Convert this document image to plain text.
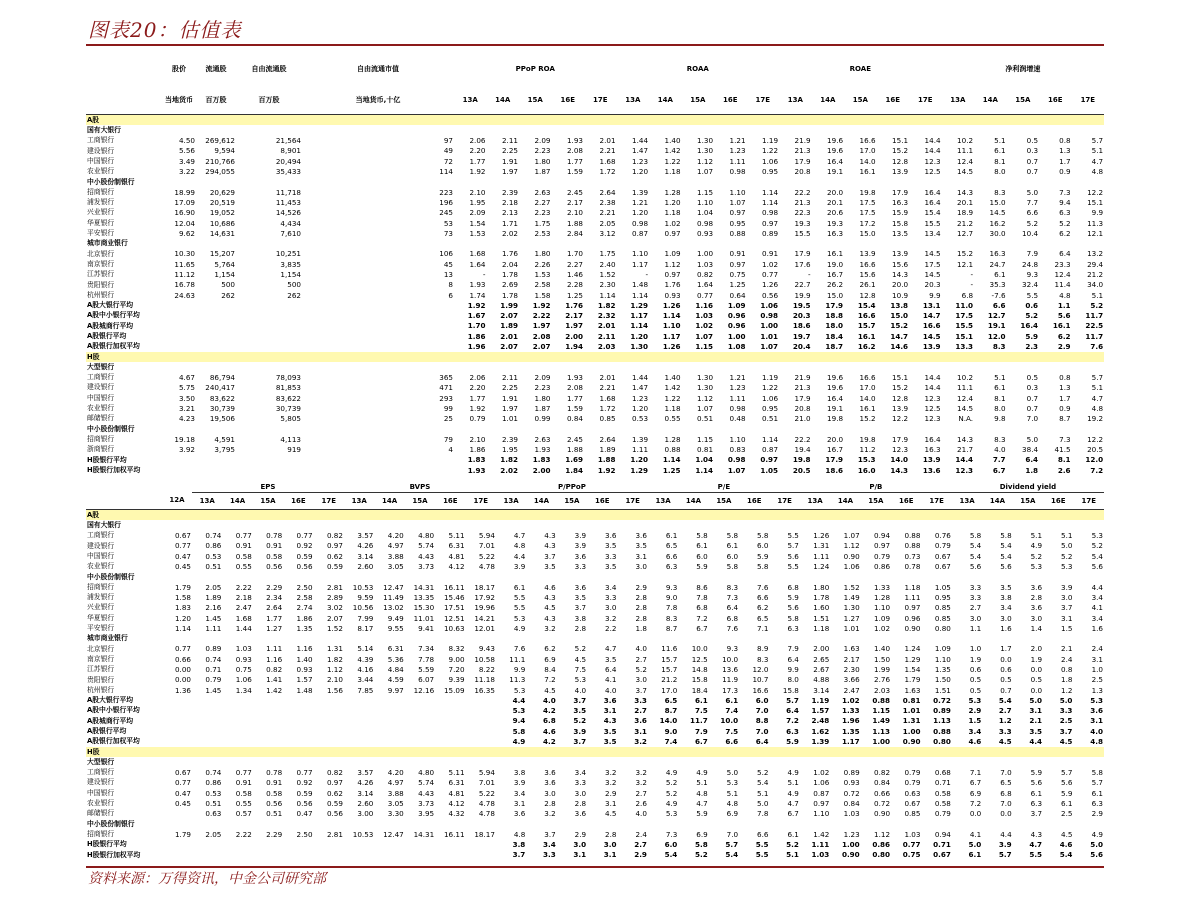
图表20：估值表
	股价	流通股	自由流通股	自由流通市值	PPoP ROA					ROAA					ROAE					净利润增速				
	当地货币	百万股	百万股	当地货币,十亿	13A	14A	15A	16E	17E	13A	14A	15A	16E	17E	13A	14A	15A	16E	17E	13A	14A	15A	16E	17E
A股																								
国有大银行																								
工商银行	4.50	269,612	21,564	97	2.06	2.11	2.09	1.93	2.01	1.44	1.40	1.30	1.21	1.19	21.9	19.6	16.6	15.1	14.4	10.2	5.1	0.5	0.8	5.7
建设银行	5.56	9,594	8,901	49	2.20	2.25	2.23	2.08	2.21	1.47	1.42	1.30	1.23	1.22	21.3	19.6	17.0	15.2	14.4	11.1	6.1	0.3	1.3	5.1
中国银行	3.49	210,766	20,494	72	1.77	1.91	1.80	1.77	1.68	1.23	1.22	1.12	1.11	1.06	17.9	16.4	14.0	12.8	12.3	12.4	8.1	0.7	1.7	4.7
农业银行	3.22	294,055	35,433	114	1.92	1.97	1.87	1.59	1.72	1.20	1.18	1.07	0.98	0.95	20.8	19.1	16.1	13.9	12.5	14.5	8.0	0.7	0.9	4.8
中小股份制银行																								
招商银行	18.99	20,629	11,718	223	2.10	2.39	2.63	2.45	2.64	1.39	1.28	1.15	1.10	1.14	22.2	20.0	19.8	17.9	16.4	14.3	8.3	5.0	7.3	12.2
浦发银行	17.09	20,519	11,453	196	1.95	2.18	2.27	2.17	2.38	1.21	1.20	1.10	1.07	1.14	21.3	20.1	17.5	16.3	16.4	20.1	15.0	7.7	9.4	15.1
兴业银行	16.90	19,052	14,526	245	2.09	2.13	2.23	2.10	2.21	1.20	1.18	1.04	0.97	0.98	22.3	20.6	17.5	15.9	15.4	18.9	14.5	6.6	6.3	9.9
华夏银行	12.04	10,686	4,434	53	1.54	1.71	1.75	1.88	2.05	0.98	1.02	0.98	0.95	0.97	19.3	19.3	17.2	15.8	15.5	21.2	16.2	5.2	5.2	11.3
平安银行	9.62	14,631	7,610	73	1.53	2.02	2.53	2.84	3.12	0.87	0.97	0.93	0.88	0.89	15.5	16.3	15.0	13.5	13.4	12.7	30.0	10.4	6.2	12.1
城市商业银行																								
北京银行	10.30	15,207	10,251	106	1.68	1.76	1.80	1.70	1.75	1.10	1.09	1.00	0.91	0.91	17.9	16.1	13.9	13.9	14.5	15.2	16.3	7.9	6.4	13.2
南京银行	11.65	5,764	3,835	45	1.64	2.04	2.26	2.27	2.40	1.17	1.12	1.03	0.97	1.02	17.6	19.0	16.6	15.6	17.5	12.1	24.7	24.8	23.3	29.4
江苏银行	11.12	1,154	1,154	13	-	1.78	1.53	1.46	1.52	-	0.97	0.82	0.75	0.77	-	16.7	15.6	14.3	14.5	-	6.1	9.3	12.4	21.2
贵阳银行	16.78	500	500	8	1.93	2.69	2.58	2.28	2.30	1.48	1.76	1.64	1.25	1.26	22.7	26.2	26.1	20.0	20.3	-	35.3	32.4	11.4	34.0
杭州银行	24.63	262	262	6	1.74	1.78	1.58	1.25	1.14	1.14	0.93	0.77	0.64	0.56	19.9	15.0	12.8	10.9	9.9	6.8	-7.6	5.5	4.8	5.1
A股大银行平均					1.92	1.99	1.92	1.76	1.82	1.29	1.26	1.16	1.09	1.06	19.5	17.9	15.4	13.8	13.1	11.0	6.6	0.6	1.1	5.2
A股中小银行平均					1.67	2.07	2.22	2.17	2.32	1.17	1.14	1.03	0.96	0.98	20.3	18.8	16.6	15.0	14.7	17.5	12.7	5.2	5.6	11.7
A股城商行平均					1.70	1.89	1.97	1.97	2.01	1.14	1.10	1.02	0.96	1.00	18.6	18.0	15.7	15.2	16.6	15.5	19.1	16.4	16.1	22.5
A股银行平均					1.86	2.01	2.08	2.00	2.11	1.20	1.17	1.07	1.00	1.01	19.7	18.4	16.1	14.7	14.5	15.1	12.0	5.9	6.2	11.7
A股银行加权平均					1.96	2.07	2.07	1.94	2.03	1.30	1.26	1.15	1.08	1.07	20.4	18.7	16.2	14.6	13.9	13.3	8.3	2.3	2.9	7.6
H股																								
大型银行																								
工商银行	4.67	86,794	78,093	365	2.06	2.11	2.09	1.93	2.01	1.44	1.40	1.30	1.21	1.19	21.9	19.6	16.6	15.1	14.4	10.2	5.1	0.5	0.8	5.7
建设银行	5.75	240,417	81,853	471	2.20	2.25	2.23	2.08	2.21	1.47	1.42	1.30	1.23	1.22	21.3	19.6	17.0	15.2	14.4	11.1	6.1	0.3	1.3	5.1
中国银行	3.50	83,622	83,622	293	1.77	1.91	1.80	1.77	1.68	1.23	1.22	1.12	1.11	1.06	17.9	16.4	14.0	12.8	12.3	12.4	8.1	0.7	1.7	4.7
农业银行	3.21	30,739	30,739	99	1.92	1.97	1.87	1.59	1.72	1.20	1.18	1.07	0.98	0.95	20.8	19.1	16.1	13.9	12.5	14.5	8.0	0.7	0.9	4.8
邮储银行	4.23	19,506	5,805	25	0.79	1.01	0.99	0.84	0.85	0.53	0.55	0.51	0.48	0.51	21.0	19.8	15.2	12.2	12.3	N.A.	9.8	7.0	8.7	19.2
中小股份制银行																								
招商银行	19.18	4,591	4,113	79	2.10	2.39	2.63	2.45	2.64	1.39	1.28	1.15	1.10	1.14	22.2	20.0	19.8	17.9	16.4	14.3	8.3	5.0	7.3	12.2
浙商银行	3.92	3,795	919	4	1.86	1.95	1.93	1.88	1.89	1.11	0.88	0.81	0.83	0.87	19.4	16.7	11.2	12.3	16.3	21.7	4.0	38.4	41.5	20.5
H股银行平均					1.83	1.82	1.83	1.69	1.88	1.20	1.14	1.04	0.98	0.97	19.8	17.9	15.3	14.0	13.9	14.4	7.7	6.4	8.1	12.0
H股银行加权平均					1.93	2.02	2.00	1.84	1.92	1.29	1.25	1.14	1.07	1.05	20.5	18.6	16.0	14.3	13.6	12.3	6.7	1.8	2.6	7.2
		EPS					BVPS					P/PPoP					P/E					P/B					Dividend yield				
	12A	13A	14A	15A	16E	17E	13A	14A	15A	16E	17E	13A	14A	15A	16E	17E	13A	14A	15A	16E	17E	13A	14A	15A	16E	17E	13A	14A	15A	16E	17E
A股																															
国有大银行																															
工商银行	0.67	0.74	0.77	0.78	0.77	0.82	3.57	4.20	4.80	5.11	5.94	4.7	4.3	3.9	3.6	3.6	6.1	5.8	5.8	5.8	5.5	1.26	1.07	0.94	0.88	0.76	5.8	5.8	5.1	5.1	5.3
建设银行	0.77	0.86	0.91	0.91	0.92	0.97	4.26	4.97	5.74	6.31	7.01	4.8	4.3	3.9	3.5	3.5	6.5	6.1	6.1	6.0	5.7	1.31	1.12	0.97	0.88	0.79	5.4	5.4	4.9	5.0	5.2
中国银行	0.47	0.53	0.58	0.58	0.59	0.62	3.14	3.88	4.43	4.81	5.22	4.4	3.7	3.6	3.3	3.1	6.6	6.0	6.0	5.9	5.6	1.11	0.90	0.79	0.73	0.67	5.4	5.4	5.2	5.2	5.4
农业银行	0.45	0.51	0.55	0.56	0.56	0.59	2.60	3.05	3.73	4.12	4.78	3.9	3.5	3.3	3.5	3.0	6.3	5.9	5.8	5.8	5.5	1.24	1.06	0.86	0.78	0.67	5.6	5.6	5.3	5.3	5.6
中小股份制银行																															
招商银行	1.79	2.05	2.22	2.29	2.50	2.81	10.53	12.47	14.31	16.11	18.17	6.1	4.6	3.6	3.4	2.9	9.3	8.6	8.3	7.6	6.8	1.80	1.52	1.33	1.18	1.05	3.3	3.5	3.6	3.9	4.4
浦发银行	1.58	1.89	2.18	2.34	2.58	2.89	9.59	11.49	13.35	15.46	17.92	5.5	4.3	3.5	3.3	2.8	9.0	7.8	7.3	6.6	5.9	1.78	1.49	1.28	1.11	0.95	3.3	3.8	2.8	3.0	3.4
兴业银行	1.83	2.16	2.47	2.64	2.74	3.02	10.56	13.02	15.30	17.51	19.96	5.5	4.5	3.7	3.0	2.8	7.8	6.8	6.4	6.2	5.6	1.60	1.30	1.10	0.97	0.85	2.7	3.4	3.6	3.7	4.1
华夏银行	1.20	1.45	1.68	1.77	1.86	2.07	7.99	9.49	11.01	12.51	14.21	5.3	4.3	3.8	3.2	2.8	8.3	7.2	6.8	6.5	5.8	1.51	1.27	1.09	0.96	0.85	3.0	3.0	3.0	3.1	3.4
平安银行	1.14	1.11	1.44	1.27	1.35	1.52	8.17	9.55	9.41	10.63	12.01	4.9	3.2	2.8	2.2	1.8	8.7	6.7	7.6	7.1	6.3	1.18	1.01	1.02	0.90	0.80	1.1	1.6	1.4	1.5	1.6
城市商业银行																															
北京银行	0.77	0.89	1.03	1.11	1.16	1.31	5.14	6.31	7.34	8.32	9.43	7.6	6.2	5.2	4.7	4.0	11.6	10.0	9.3	8.9	7.9	2.00	1.63	1.40	1.24	1.09	1.0	1.7	2.0	2.1	2.4
南京银行	0.66	0.74	0.93	1.16	1.40	1.82	4.39	5.36	7.78	9.00	10.58	11.1	6.9	4.5	3.5	2.7	15.7	12.5	10.0	8.3	6.4	2.65	2.17	1.50	1.29	1.10	1.9	0.0	1.9	2.4	3.1
江苏银行	0.00	0.71	0.75	0.82	0.93	1.12	4.16	4.84	5.59	7.20	8.22	9.9	8.4	7.5	6.4	5.2	15.7	14.8	13.6	12.0	9.9	2.67	2.30	1.99	1.54	1.35	0.6	0.6	0.0	0.8	1.0
贵阳银行	0.00	0.79	1.06	1.41	1.57	2.10	3.44	4.59	6.07	9.39	11.18	11.3	7.2	5.3	4.1	3.0	21.2	15.8	11.9	10.7	8.0	4.88	3.66	2.76	1.79	1.50	0.5	0.5	0.5	1.8	2.5
杭州银行	1.36	1.45	1.34	1.42	1.48	1.56	7.85	9.97	12.16	15.09	16.35	5.3	4.5	4.0	4.0	3.7	17.0	18.4	17.3	16.6	15.8	3.14	2.47	2.03	1.63	1.51	0.5	0.7	0.0	1.2	1.3
A股大银行平均												4.4	4.0	3.7	3.6	3.3	6.5	6.1	6.1	6.0	5.7	1.19	1.02	0.88	0.81	0.72	5.3	5.4	5.0	5.0	5.3
A股中小银行平均												5.3	4.2	3.5	3.1	2.7	8.7	7.5	7.4	7.0	6.4	1.57	1.33	1.15	1.01	0.89	2.9	2.7	3.1	3.3	3.6
A股城商行平均												9.4	6.8	5.2	4.3	3.6	14.0	11.7	10.0	8.8	7.2	2.48	1.96	1.49	1.31	1.13	1.5	1.2	2.1	2.5	3.1
A股银行平均												5.8	4.6	3.9	3.5	3.1	9.0	7.9	7.5	7.0	6.3	1.62	1.35	1.13	1.00	0.88	3.4	3.3	3.5	3.7	4.0
A股银行加权平均												4.9	4.2	3.7	3.5	3.2	7.4	6.7	6.6	6.4	5.9	1.39	1.17	1.00	0.90	0.80	4.6	4.5	4.4	4.5	4.8
H股																															
大型银行																															
工商银行	0.67	0.74	0.77	0.78	0.77	0.82	3.57	4.20	4.80	5.11	5.94	3.8	3.6	3.4	3.2	3.2	4.9	4.9	5.0	5.2	4.9	1.02	0.89	0.82	0.79	0.68	7.1	7.0	5.9	5.7	5.8
建设银行	0.77	0.86	0.91	0.91	0.92	0.97	4.26	4.97	5.74	6.31	7.01	3.9	3.6	3.3	3.2	3.2	5.2	5.1	5.3	5.4	5.1	1.06	0.93	0.84	0.79	0.71	6.7	6.5	5.6	5.6	5.7
中国银行	0.47	0.53	0.58	0.58	0.59	0.62	3.14	3.88	4.43	4.81	5.22	3.4	3.0	3.0	2.9	2.7	5.2	4.8	5.1	5.1	4.9	0.87	0.72	0.66	0.63	0.58	6.9	6.8	6.1	5.9	6.1
农业银行	0.45	0.51	0.55	0.56	0.56	0.59	2.60	3.05	3.73	4.12	4.78	3.1	2.8	2.8	3.1	2.6	4.9	4.7	4.8	5.0	4.7	0.97	0.84	0.72	0.67	0.58	7.2	7.0	6.3	6.1	6.3
邮储银行		0.63	0.57	0.51	0.47	0.56	3.00	3.30	3.95	4.32	4.78	3.6	3.2	3.6	4.5	4.0	5.3	5.9	6.9	7.8	6.7	1.10	1.03	0.90	0.85	0.79	0.0	0.0	3.7	2.5	2.9
中小股份制银行																															
招商银行	1.79	2.05	2.22	2.29	2.50	2.81	10.53	12.47	14.31	16.11	18.17	4.8	3.7	2.9	2.8	2.4	7.3	6.9	7.0	6.6	6.1	1.42	1.23	1.12	1.03	0.94	4.1	4.4	4.3	4.5	4.9
H股银行平均												3.8	3.4	3.0	3.0	2.7	6.0	5.8	5.7	5.5	5.2	1.11	1.00	0.86	0.77	0.71	5.0	3.9	4.7	4.6	5.0
H股银行加权平均												3.7	3.3	3.1	3.1	2.9	5.4	5.2	5.4	5.5	5.1	1.03	0.90	0.80	0.75	0.67	6.1	5.7	5.5	5.4	5.6
资料来源：万得资讯，中金公司研究部
